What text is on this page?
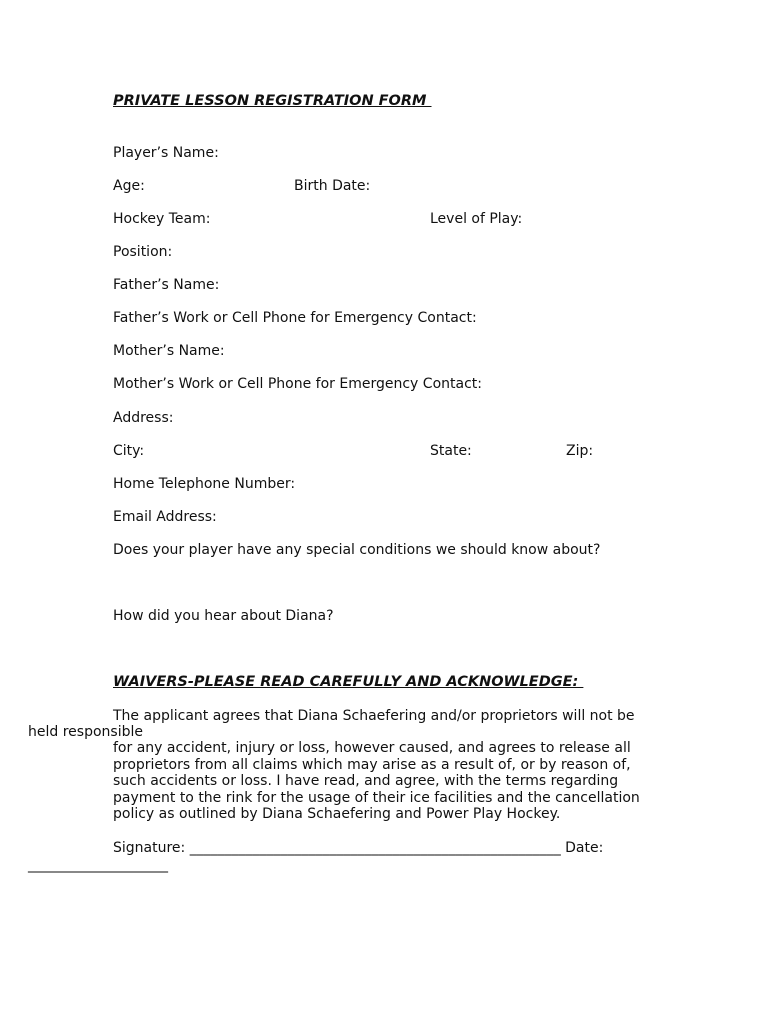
PRIVATE LESSON REGISTRATION FORM
Player’s Name:
Age:	Birth Date:
Hockey Team:	Level of Play:
Position:
Father’s Name:
Father’s Work or Cell Phone for Emergency Contact:
Mother’s Name:
Mother’s Work or Cell Phone for Emergency Contact:
Address:
City:	State:	Zip:
Home Telephone Number:
Email Address:
Does your player have any special conditions we should know about?
How did you hear about Diana?
WAIVERS-PLEASE READ CAREFULLY AND ACKNOWLEDGE:
The applicant agrees that Diana Schaefering and/or proprietors will not be
held responsible
for any accident, injury or loss, however caused, and agrees to release all
proprietors from all claims which may arise as a result of, or by reason of,
such accidents or loss. I have read, and agree, with the terms regarding
payment to the rink for the usage of their ice facilities and the cancellation
policy as outlined by Diana Schaefering and Power Play Hockey.
Signature: _____________________________________________________ Date:
____________________
